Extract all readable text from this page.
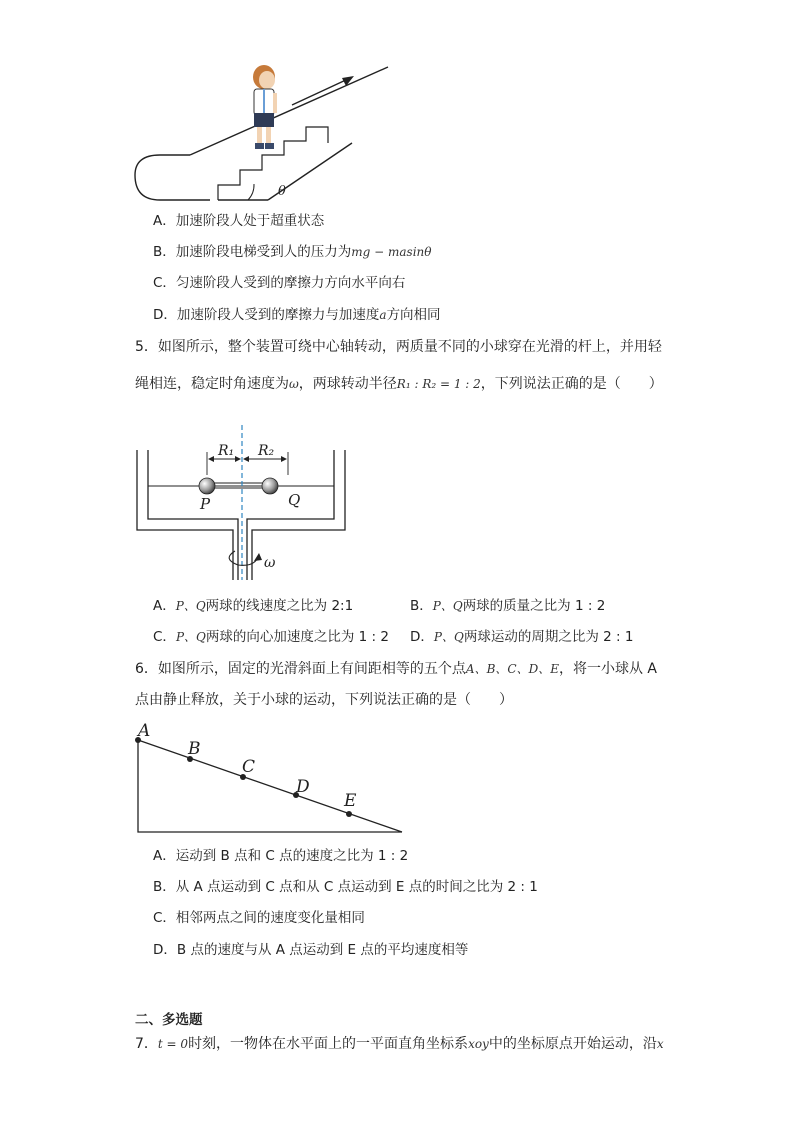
θ
A．加速阶段人处于超重状态
B．加速阶段电梯受到人的压力为mg − masinθ
C．匀速阶段人受到的摩擦力方向水平向右
D．加速阶段人受到的摩擦力与加速度a方向相同
5．如图所示，整个装置可绕中心轴转动，两质量不同的小球穿在光滑的杆上，并用轻
绳相连，稳定时角速度为ω，两球转动半径R₁ : R₂ = 1 : 2，下列说法正确的是（　　）
R₁ R₂
P	Q
ω
A．P、Q两球的线速度之比为 2:1	B．P、Q两球的质量之比为 1 : 2
C．P、Q两球的向心加速度之比为 1 : 2 D．P、Q两球运动的周期之比为 2 : 1
6．如图所示，固定的光滑斜面上有间距相等的五个点A、B、C、D、E，将一小球从 A
点由静止释放，关于小球的运动，下列说法正确的是（　　）
A
B
C
D
E
A．运动到 B 点和 C 点的速度之比为 1 : 2
B．从 A 点运动到 C 点和从 C 点运动到 E 点的时间之比为 2 : 1
C．相邻两点之间的速度变化量相同
D．B 点的速度与从 A 点运动到 E 点的平均速度相等
二、多选题
7．t = 0时刻，一物体在水平面上的一平面直角坐标系xoy中的坐标原点开始运动，沿x
